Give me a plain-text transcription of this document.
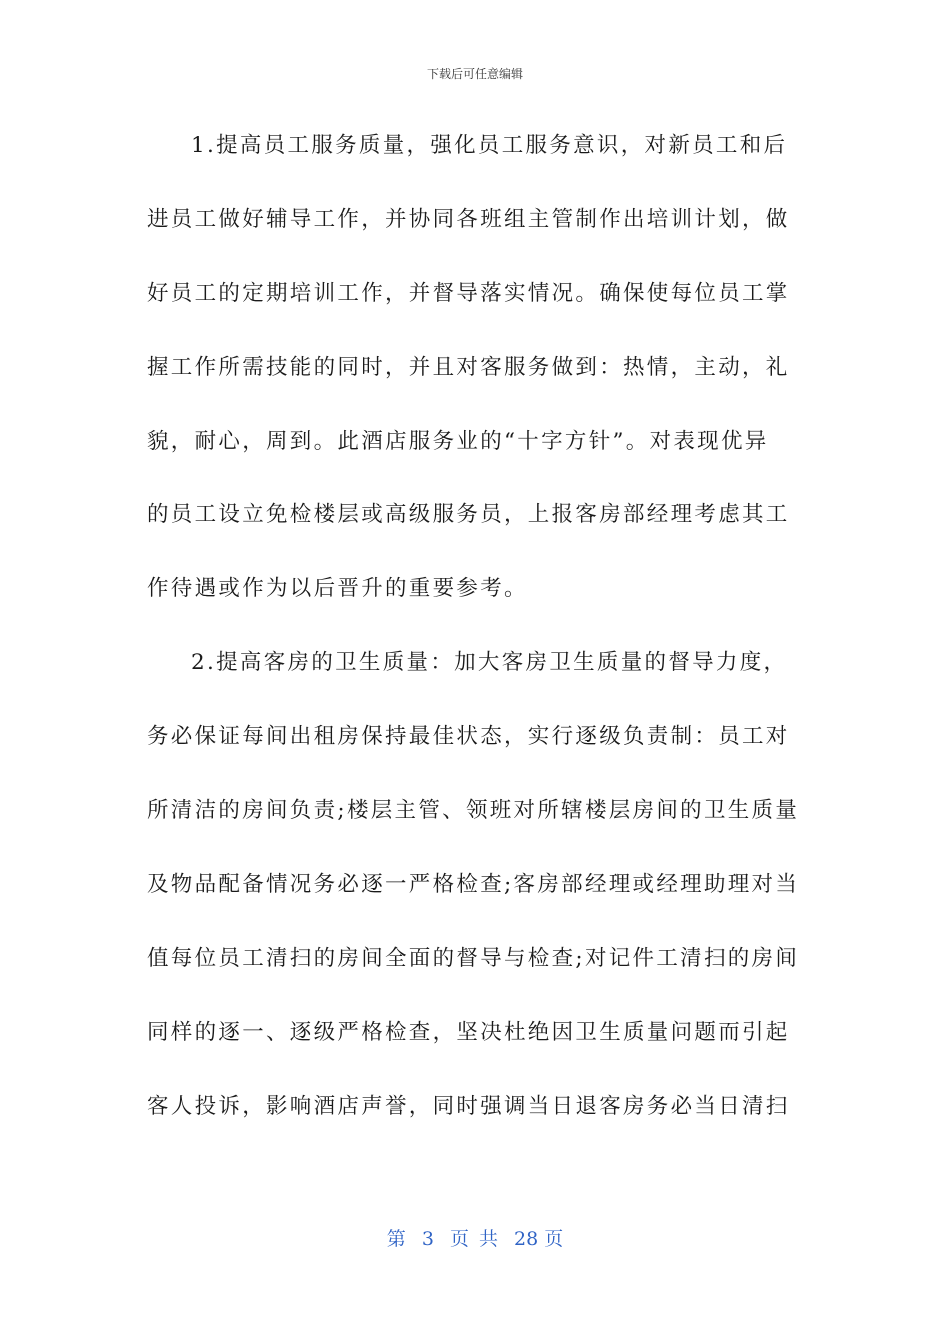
下载后可任意编辑
1.提高员工服务质量，强化员工服务意识，对新员工和后
进员工做好辅导工作，并协同各班组主管制作出培训计划，做
好员工的定期培训工作，并督导落实情况。确保使每位员工掌
握工作所需技能的同时，并且对客服务做到：热情，主动，礼
貌，耐心，周到。此酒店服务业的“十字方针”。对表现优异
的员工设立免检楼层或高级服务员，上报客房部经理考虑其工
作待遇或作为以后晋升的重要参考。
2.提高客房的卫生质量：加大客房卫生质量的督导力度，
务必保证每间出租房保持最佳状态，实行逐级负责制：员工对
所清洁的房间负责;楼层主管、领班对所辖楼层房间的卫生质量
及物品配备情况务必逐一严格检查;客房部经理或经理助理对当
值每位员工清扫的房间全面的督导与检查;对记件工清扫的房间
同样的逐一、逐级严格检查，坚决杜绝因卫生质量问题而引起
客人投诉，影响酒店声誉，同时强调当日退客房务必当日清扫
第 3 页 共 28 页
